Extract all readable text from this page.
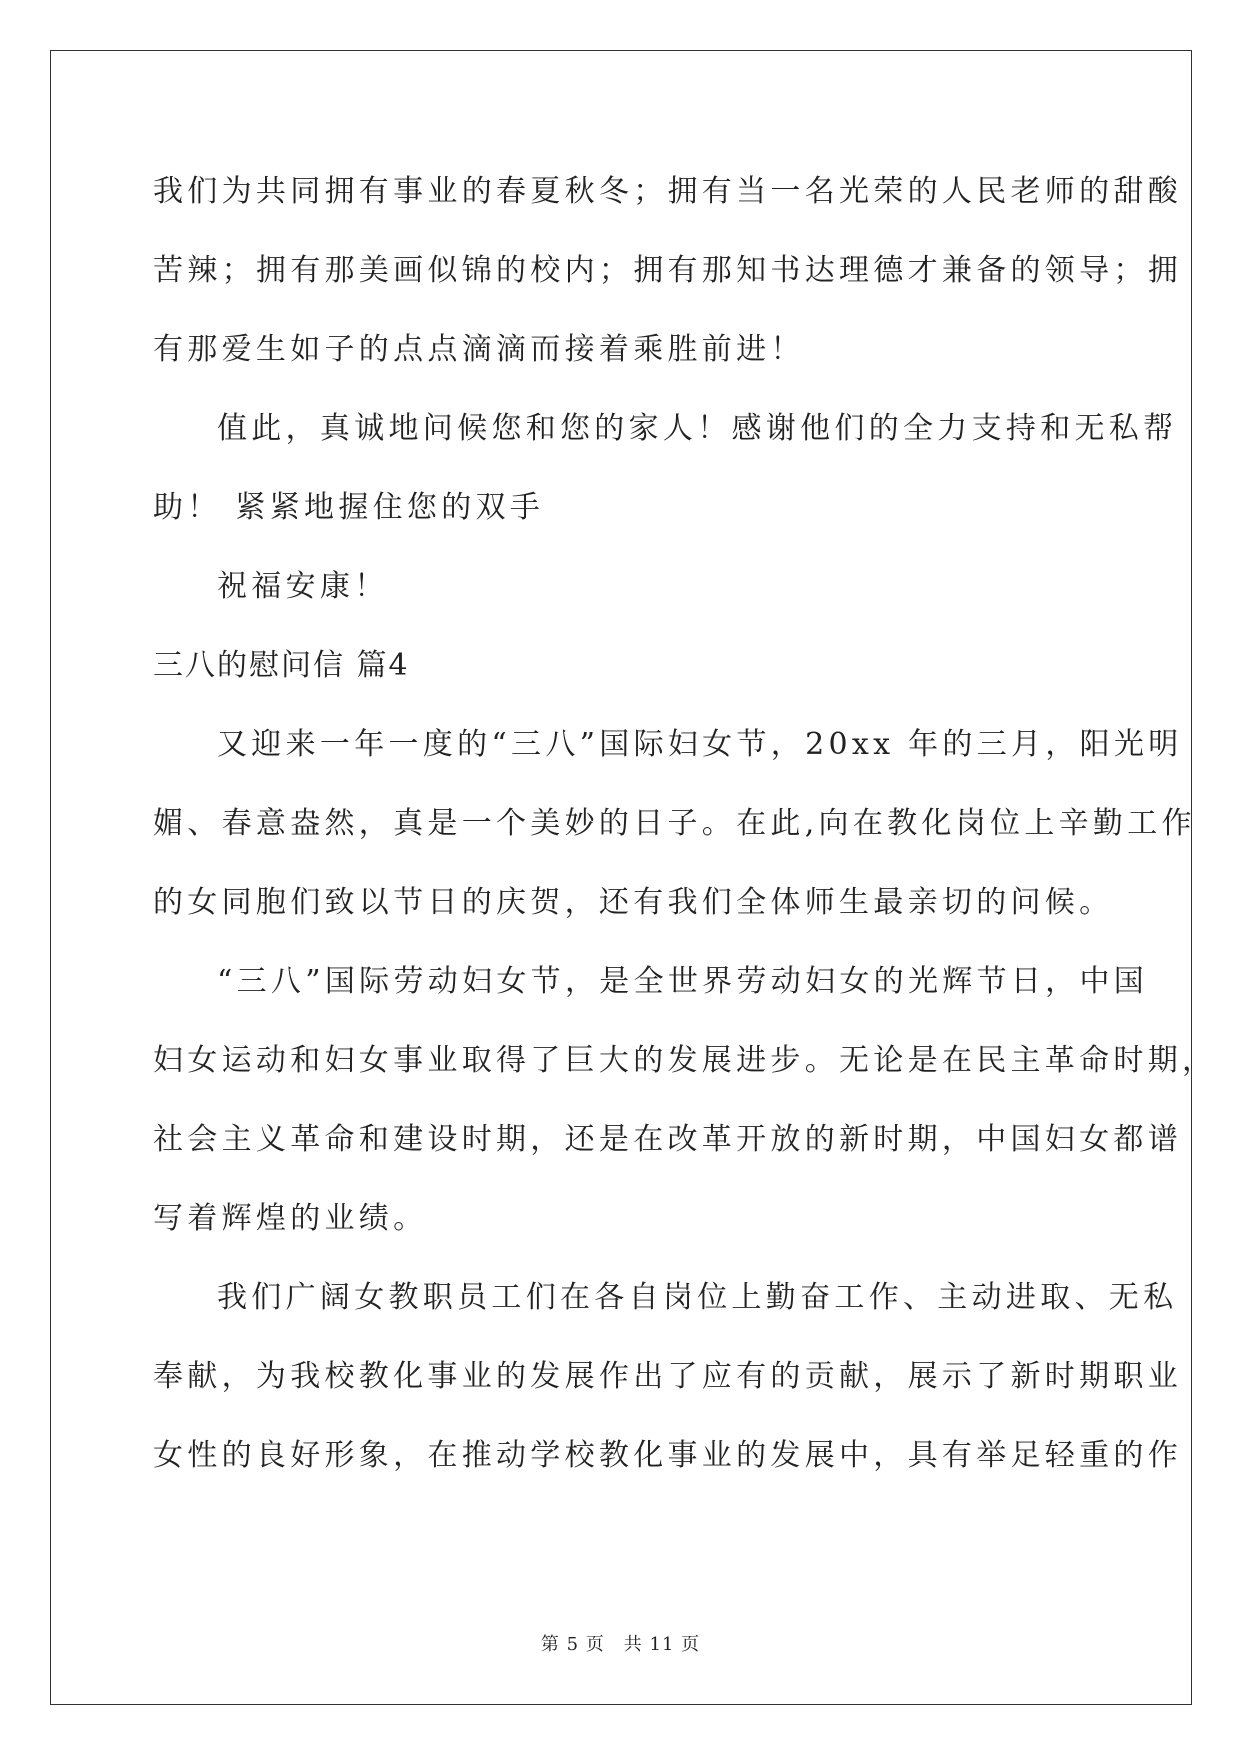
我们为共同拥有事业的春夏秋冬；拥有当一名光荣的人民老师的甜酸
苦辣；拥有那美画似锦的校内；拥有那知书达理德才兼备的领导；拥
有那爱生如子的点点滴滴而接着乘胜前进！
值此，真诚地问候您和您的家人！感谢他们的全力支持和无私帮
助！ 紧紧地握住您的双手
祝福安康！
三八的慰问信 篇4
又迎来一年一度的“三八”国际妇女节，20xx 年的三月，阳光明
媚、春意盎然，真是一个美妙的日子。在此,向在教化岗位上辛勤工作
的女同胞们致以节日的庆贺，还有我们全体师生最亲切的问候。
“三八”国际劳动妇女节，是全世界劳动妇女的光辉节日，中国
妇女运动和妇女事业取得了巨大的发展进步。无论是在民主革命时期，
社会主义革命和建设时期，还是在改革开放的新时期，中国妇女都谱
写着辉煌的业绩。
我们广阔女教职员工们在各自岗位上勤奋工作、主动进取、无私
奉献，为我校教化事业的发展作出了应有的贡献，展示了新时期职业
女性的良好形象，在推动学校教化事业的发展中，具有举足轻重的作
第 5 页　共 11 页
